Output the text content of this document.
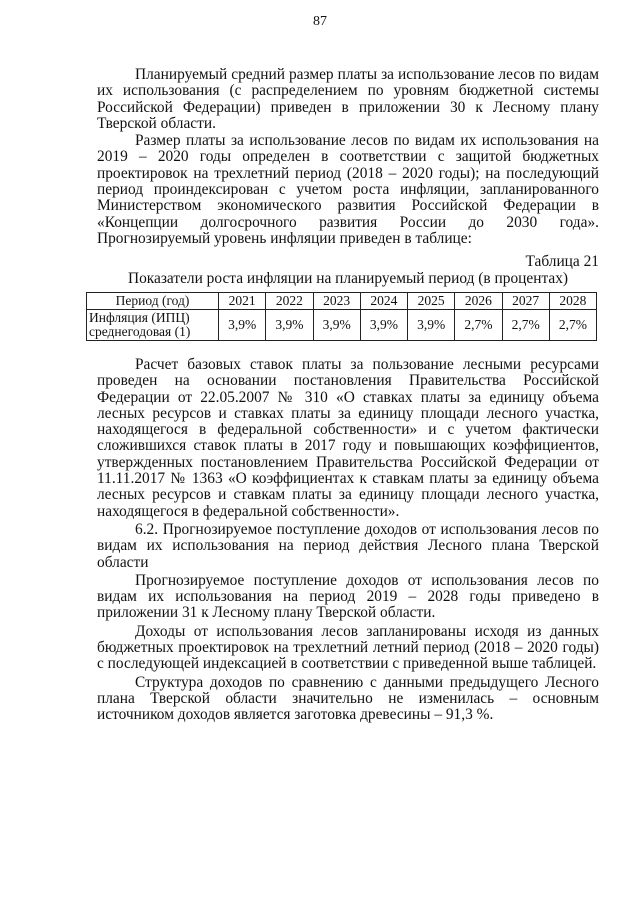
87

Планируемый средний размер платы за использование лесов по видам их использования (с распределением по уровням бюджетной системы Российской Федерации) приведен в приложении 30 к Лесному плану Тверской области.

Размер платы за использование лесов по видам их использования на 2019 – 2020 годы определен в соответствии с защитой бюджетных проектировок на трехлетний период (2018 – 2020 годы); на последующий период проиндексирован с учетом роста инфляции, запланированного Министерством экономического развития Российской Федерации в «Концепции долгосрочного развития России до 2030 года». Прогнозируемый уровень инфляции приведен в таблице:

Таблица 21

Показатели роста инфляции на планируемый период (в процентах)

Период (год)	2021	2022	2023	2024	2025	2026	2027	2028
Инфляция (ИПЦ) среднегодовая (1)	3,9%	3,9%	3,9%	3,9%	3,9%	2,7%	2,7%	2,7%

Расчет базовых ставок платы за пользование лесными ресурсами проведен на основании постановления Правительства Российской Федерации от 22.05.2007 № 310 «О ставках платы за единицу объема лесных ресурсов и ставках платы за единицу площади лесного участка, находящегося в федеральной собственности» и с учетом фактически сложившихся ставок платы в 2017 году и повышающих коэффициентов, утвержденных постановлением Правительства Российской Федерации от 11.11.2017 № 1363 «О коэффициентах к ставкам платы за единицу объема лесных ресурсов и ставкам платы за единицу площади лесного участка, находящегося в федеральной собственности».

6.2. Прогнозируемое поступление доходов от использования лесов по видам их использования на период действия Лесного плана Тверской области

Прогнозируемое поступление доходов от использования лесов по видам их использования на период 2019 – 2028 годы приведено в приложении 31 к Лесному плану Тверской области.

Доходы от использования лесов запланированы исходя из данных бюджетных проектировок на трехлетний летний период (2018 – 2020 годы) с последующей индексацией в соответствии с приведенной выше таблицей.

Структура доходов по сравнению с данными предыдущего Лесного плана Тверской области значительно не изменилась – основным источником доходов является заготовка древесины – 91,3 %.
